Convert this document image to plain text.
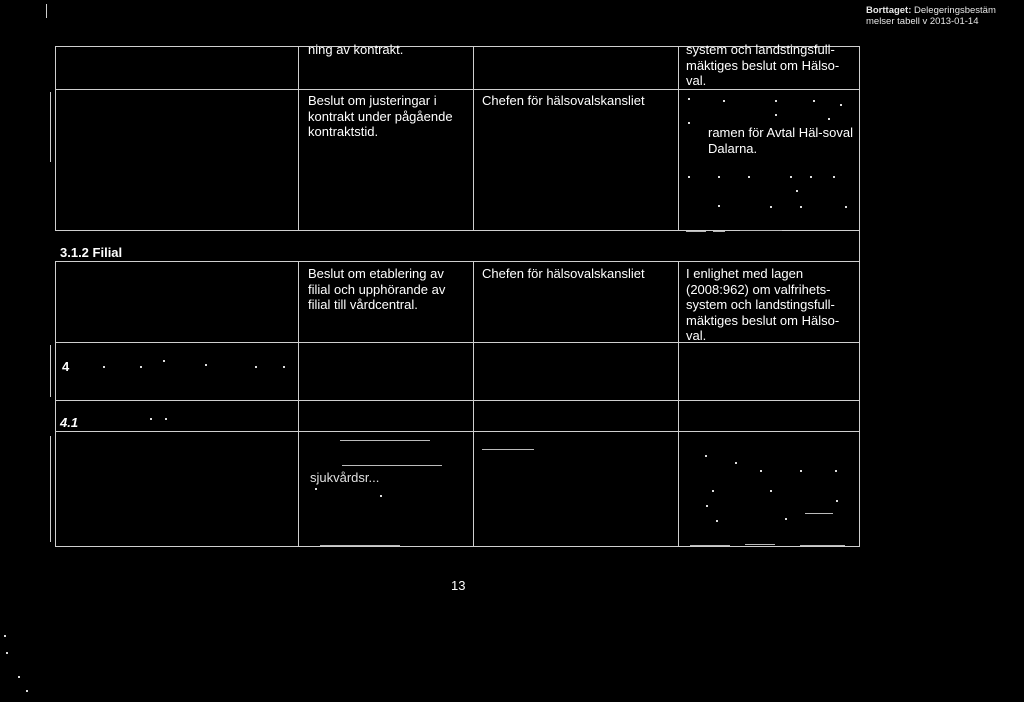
Borttaget: Delegeringsbestäm melser tabell v 2013-01-14
ning av kontrakt.	system och landstingsfull-mäktiges beslut om Hälso-val.
Beslut om justeringar i kontrakt under pågående kontraktstid.
Chefen för hälsovalskansliet
ramen för Avtal Häl-soval Dalarna.
3.1.2 Filial
Beslut om etablering av filial och upphörande av filial till vårdcentral.
Chefen för hälsovalskansliet	I enlighet med lagen (2008:962) om valfrihets-system och landstingsfull-mäktiges beslut om Hälso-val.
4
4.1
sjukvårdsr...
13
